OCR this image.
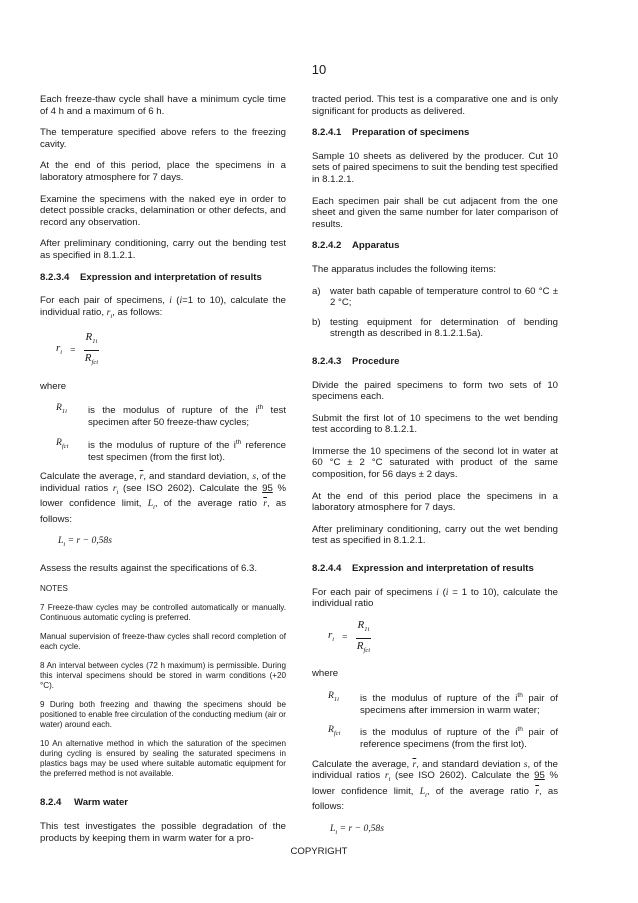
10

Each freeze-thaw cycle shall have a minimum cycle time of 4 h and a maximum of 6 h.

The temperature specified above refers to the freezing cavity.

At the end of this period, place the specimens in a laboratory atmosphere for 7 days.

Examine the specimens with the naked eye in order to detect possible cracks, delamination or other defects, and record any observation.

After preliminary conditioning, carry out the bending test as specified in 8.1.2.1.

8.2.3.4 Expression and interpretation of results

For each pair of specimens, i (i=1 to 10), calculate the individual ratio, $r_i$, as follows:

$r_i = \frac{R_{1i}}{R_{fci}}$

where

$R_{1i}$	is the modulus of rupture of the $i^{th}$ test specimen after 50 freeze-thaw cycles;
$R_{fci}$	is the modulus of rupture of the $i^{th}$ reference test specimen (from the first lot).

Calculate the average, $\overline{r}$, and standard deviation, s, of the individual ratios $r_i$ (see ISO 2602). Calculate the 95 % lower confidence limit, $L_i$, of the average ratio $\overline{r}$, as follows:

$L_i = r - 0,58s$

Assess the results against the specifications of 6.3.

NOTES

7 Freeze-thaw cycles may be controlled automatically or manually. Continuous automatic cycling is preferred.

Manual supervision of freeze-thaw cycles shall record completion of each cycle.

8 An interval between cycles (72 h maximum) is permissible. During this interval specimens should be stored in warm conditions (+20 °C).

9 During both freezing and thawing the specimens should be positioned to enable free circulation of the conducting medium (air or water) around each.

10 An alternative method in which the saturation of the specimen during cycling is ensured by sealing the saturated specimens in plastics bags may be used where suitable automatic equipment for the preferred method is not available.

8.2.4 Warm water

This test investigates the possible degradation of the products by keeping them in warm water for a pro-

tracted period. This test is a comparative one and is only significant for products as delivered.

8.2.4.1 Preparation of specimens

Sample 10 sheets as delivered by the producer. Cut 10 sets of paired specimens to suit the bending test specified in 8.1.2.1.

Each specimen pair shall be cut adjacent from the one sheet and given the same number for later comparison of results.

8.2.4.2 Apparatus

The apparatus includes the following items:

a) water bath capable of temperature control to 60 °C ± 2 °C;
b) testing equipment for determination of bending strength as described in 8.1.2.1.5a).
8.2.4.3 Procedure

Divide the paired specimens to form two sets of 10 specimens each.

Submit the first lot of 10 specimens to the wet bending test according to 8.1.2.1.

Immerse the 10 specimens of the second lot in water at 60 °C ± 2 °C saturated with product of the same composition, for 56 days ± 2 days.

At the end of this period place the specimens in a laboratory atmosphere for 7 days.

After preliminary conditioning, carry out the wet bending test as specified in 8.1.2.1.

8.2.4.4 Expression and interpretation of results

For each pair of specimens i (i = 1 to 10), calculate the individual ratio

$r_i = \frac{R_{1i}}{R_{fci}}$

where

$R_{1i}$	is the modulus of rupture of the $i^{th}$ pair of specimens after immersion in warm water;
$R_{fci}$	is the modulus of rupture of the $i^{th}$ pair of reference specimens (from the first lot).

Calculate the average, $\overline{r}$, and standard deviation s, of the individual ratios $r_i$ (see ISO 2602). Calculate the 95 % lower confidence limit, $L_i$, of the average ratio $\overline{r}$, as follows:

$L_i = r - 0,58s$
COPYRIGHT
